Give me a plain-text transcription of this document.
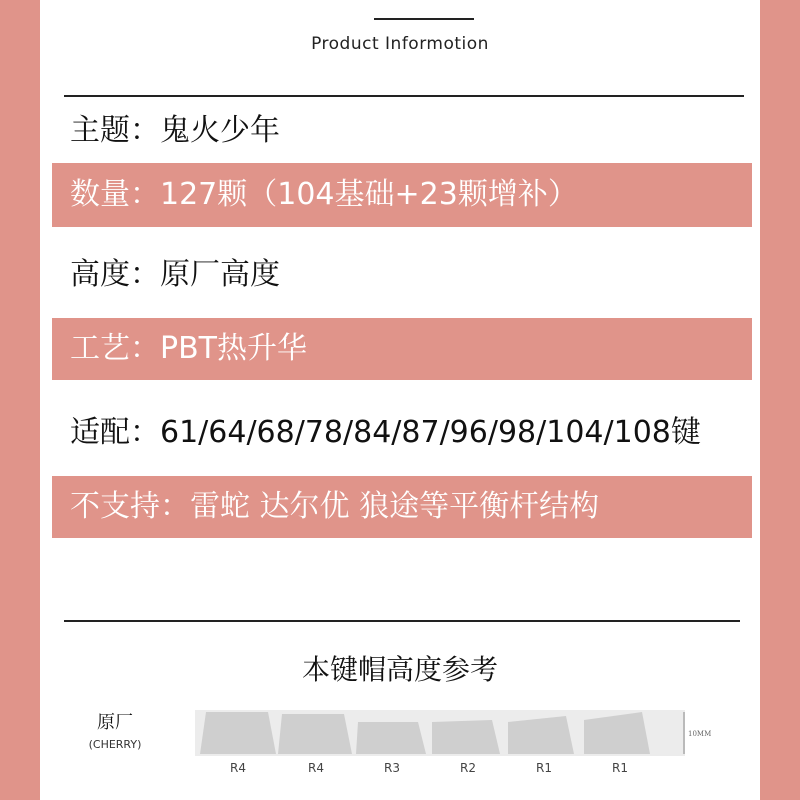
Product Informotion
主题：鬼火少年
数量：127颗（104基础+23颗增补）
高度：原厂高度
工艺：PBT热升华
适配：61/64/68/78/84/87/96/98/104/108键
不支持：雷蛇 达尔优 狼途等平衡杆结构
本键帽高度参考
原厂
(CHERRY)
R4	R4	R3	R2	R1	R1
10MM
